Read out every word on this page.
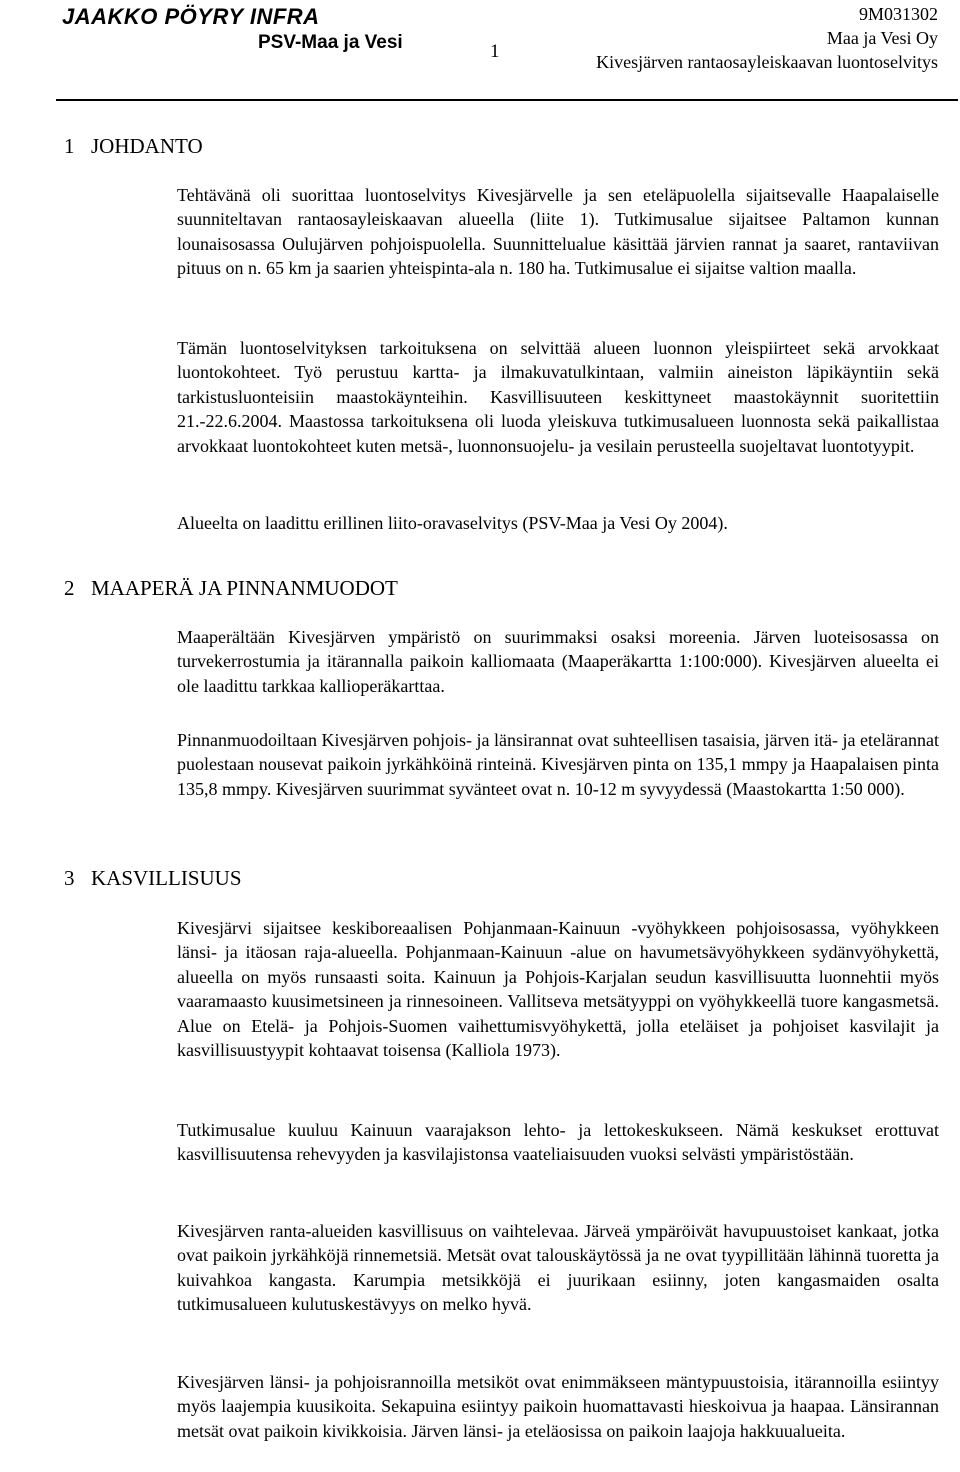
JAAKKO PÖYRY INFRA
PSV-Maa ja Vesi	1
9M031302
Maa ja Vesi Oy
Kivesjärven rantaosayleiskaavan luontoselvitys
1 JOHDANTO

Tehtävänä oli suorittaa luontoselvitys Kivesjärvelle ja sen eteläpuolella sijaitsevalle Haapalaiselle suunniteltavan rantaosayleiskaavan alueella (liite 1). Tutkimusalue sijaitsee Paltamon kunnan lounaisosassa Oulujärven pohjoispuolella. Suunnittelualue käsittää järvien rannat ja saaret, rantaviivan pituus on n. 65 km ja saarien yhteispinta-ala n. 180 ha. Tutkimusalue ei sijaitse valtion maalla.

Tämän luontoselvityksen tarkoituksena on selvittää alueen luonnon yleispiirteet sekä arvokkaat luontokohteet. Työ perustuu kartta- ja ilmakuvatulkintaan, valmiin aineiston läpikäyntiin sekä tarkistusluonteisiin maastokäynteihin. Kasvillisuuteen keskittyneet maastokäynnit suoritettiin 21.-22.6.2004. Maastossa tarkoituksena oli luoda yleiskuva tutkimusalueen luonnosta sekä paikallistaa arvokkaat luontokohteet kuten metsä-, luonnonsuojelu- ja vesilain perusteella suojeltavat luontotyypit.

Alueelta on laadittu erillinen liito-oravaselvitys (PSV-Maa ja Vesi Oy 2004).

2 MAAPERÄ JA PINNANMUODOT

Maaperältään Kivesjärven ympäristö on suurimmaksi osaksi moreenia. Järven luoteisosassa on turvekerrostumia ja itärannalla paikoin kalliomaata (Maaperäkartta 1:100:000). Kivesjärven alueelta ei ole laadittu tarkkaa kallioperäkarttaa.

Pinnanmuodoiltaan Kivesjärven pohjois- ja länsirannat ovat suhteellisen tasaisia, järven itä- ja etelärannat puolestaan nousevat paikoin jyrkähköinä rinteinä. Kivesjärven pinta on 135,1 mmpy ja Haapalaisen pinta 135,8 mmpy. Kivesjärven suurimmat syvänteet ovat n. 10-12 m syvyydessä (Maastokartta 1:50 000).

3 KASVILLISUUS

Kivesjärvi sijaitsee keskiboreaalisen Pohjanmaan-Kainuun -vyöhykkeen pohjoisosassa, vyöhykkeen länsi- ja itäosan raja-alueella. Pohjanmaan-Kainuun -alue on havumetsävyöhykkeen sydänvyöhykettä, alueella on myös runsaasti soita. Kainuun ja Pohjois-Karjalan seudun kasvillisuutta luonnehtii myös vaaramaasto kuusimetsineen ja rinnesoineen. Vallitseva metsätyyppi on vyöhykkeellä tuore kangasmetsä. Alue on Etelä- ja Pohjois-Suomen vaihettumisvyöhykettä, jolla eteläiset ja pohjoiset kasvilajit ja kasvillisuustyypit kohtaavat toisensa (Kalliola 1973).

Tutkimusalue kuuluu Kainuun vaarajakson lehto- ja lettokeskukseen. Nämä keskukset erottuvat kasvillisuutensa rehevyyden ja kasvilajistonsa vaateliaisuuden vuoksi selvästi ympäristöstään.

Kivesjärven ranta-alueiden kasvillisuus on vaihtelevaa. Järveä ympäröivät havupuustoiset kankaat, jotka ovat paikoin jyrkähköjä rinnemetsiä. Metsät ovat talouskäytössä ja ne ovat tyypillitään lähinnä tuoretta ja kuivahkoa kangasta. Karumpia metsikköjä ei juurikaan esiinny, joten kangasmaiden osalta tutkimusalueen kulutuskestävyys on melko hyvä.

Kivesjärven länsi- ja pohjoisrannoilla metsiköt ovat enimmäkseen mäntypuustoisia, itärannoilla esiintyy myös laajempia kuusikoita. Sekapuina esiintyy paikoin huomattavasti hieskoivua ja haapaa. Länsirannan metsät ovat paikoin kivikkoisia. Järven länsi- ja eteläosissa on paikoin laajoja hakkuualueita.
